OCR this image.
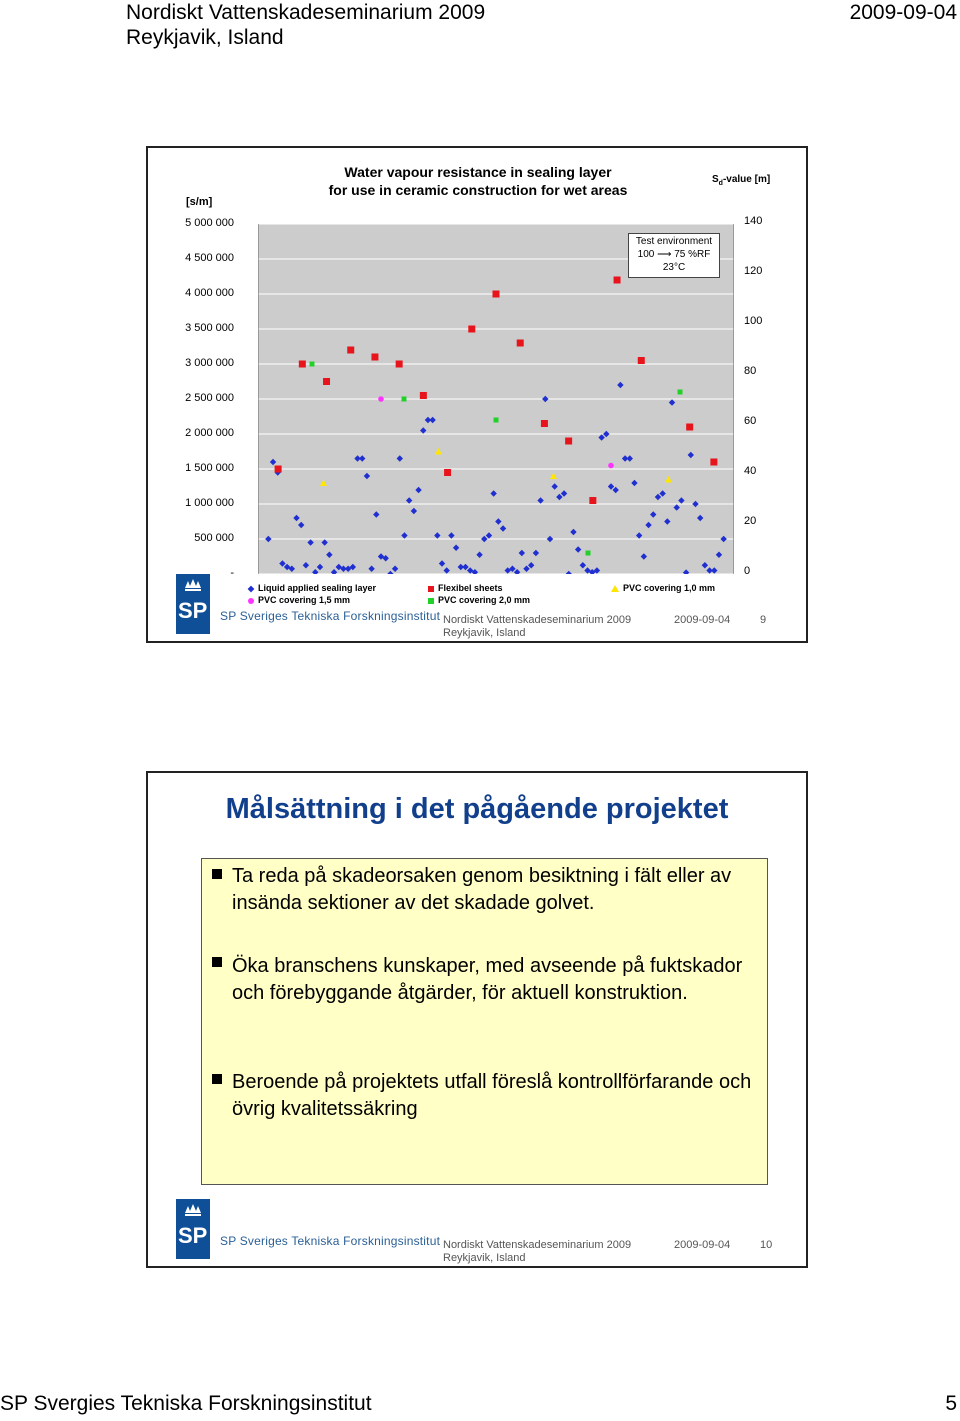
Nordiskt Vattenskadeseminarium 2009	2009-09-04
Reykjavik, Island
Water vapour resistance in sealing layer
for use in ceramic construction for wet areas
[s/m]
$S_d$-value [m]
5 000 000
4 500 000
4 000 000
3 500 000
3 000 000
2 500 000
2 000 000
1 500 000
1 000 000
500 000
-
140
120
100
80
60
40
20
0
Test environment
100 ⟶ 75 %RF
23°C
Liquid applied sealing layer	Flexibel sheets	PVC covering 1,0 mm
PVC covering 1,5 mm	PVC covering 2,0 mm
SP SP Sveriges Tekniska Forskningsinstitut Nordiskt Vattenskadeseminarium 2009
Reykjavik, Island
2009-09-04	9
Målsättning i det pågående projektet
Ta reda på skadeorsaken genom besiktning i fält eller av insända sektioner av det skadade golvet.
Öka branschens kunskaper, med avseende på fuktskador och förebyggande åtgärder, för aktuell konstruktion.
Beroende på projektets utfall föreslå kontrollförfarande och övrig kvalitetssäkring
SP SP Sveriges Tekniska Forskningsinstitut Nordiskt Vattenskadeseminarium 2009
Reykjavik, Island
2009-09-04	10
SP Svergies Tekniska Forskningsinstitut	5
